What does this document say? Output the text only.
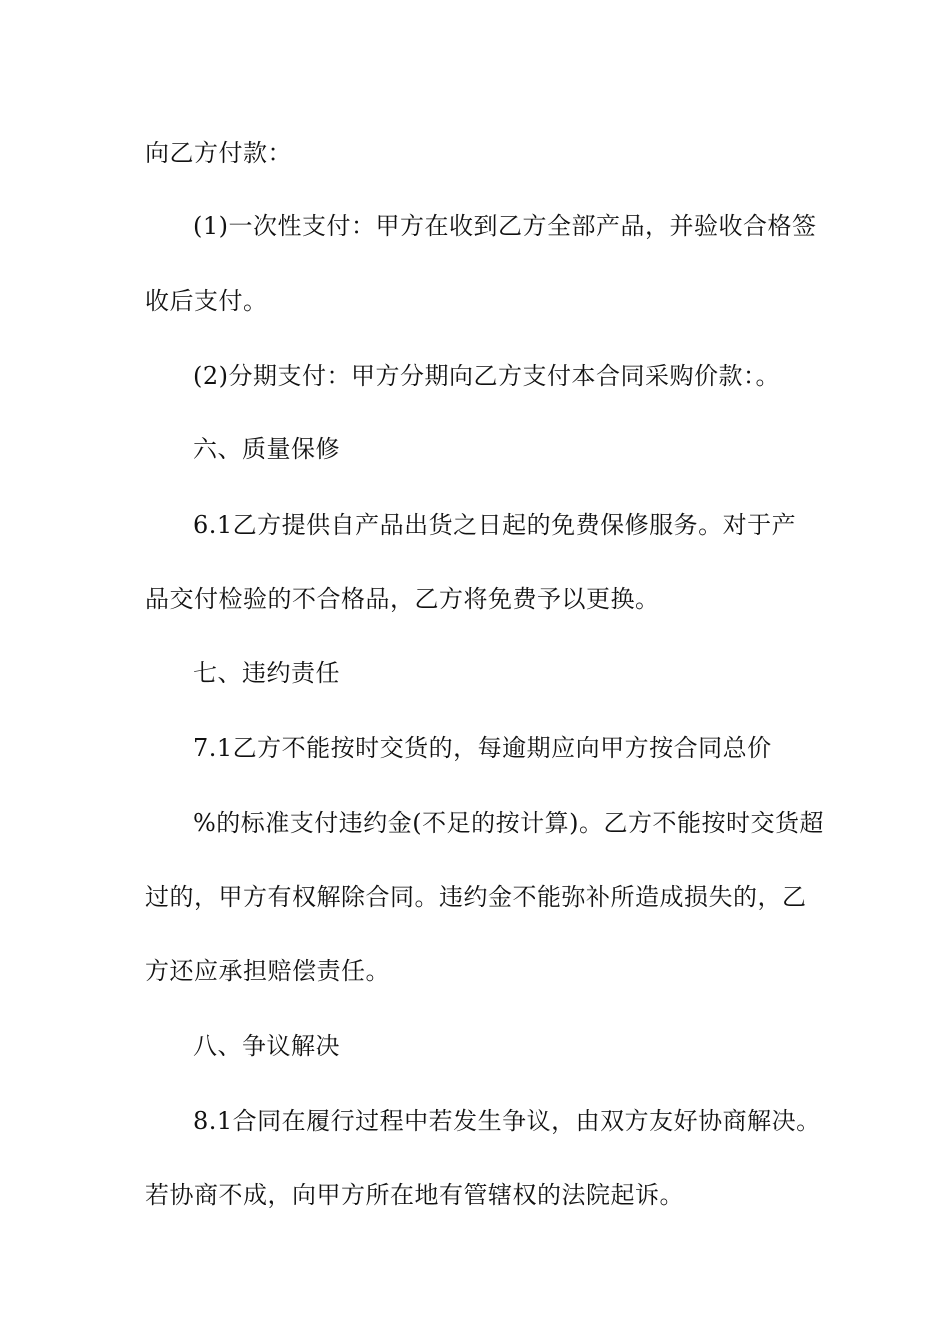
向乙方付款：
(1)一次性支付：甲方在收到乙方全部产品，并验收合格签
收后支付。
(2)分期支付：甲方分期向乙方支付本合同采购价款：。
六、质量保修
6.1乙方提供自产品出货之日起的免费保修服务。对于产
品交付检验的不合格品，乙方将免费予以更换。
七、违约责任
7.1乙方不能按时交货的，每逾期应向甲方按合同总价
%的标准支付违约金(不足的按计算)。乙方不能按时交货超
过的，甲方有权解除合同。违约金不能弥补所造成损失的，乙
方还应承担赔偿责任。
八、争议解决
8.1合同在履行过程中若发生争议，由双方友好协商解决。
若协商不成，向甲方所在地有管辖权的法院起诉。
